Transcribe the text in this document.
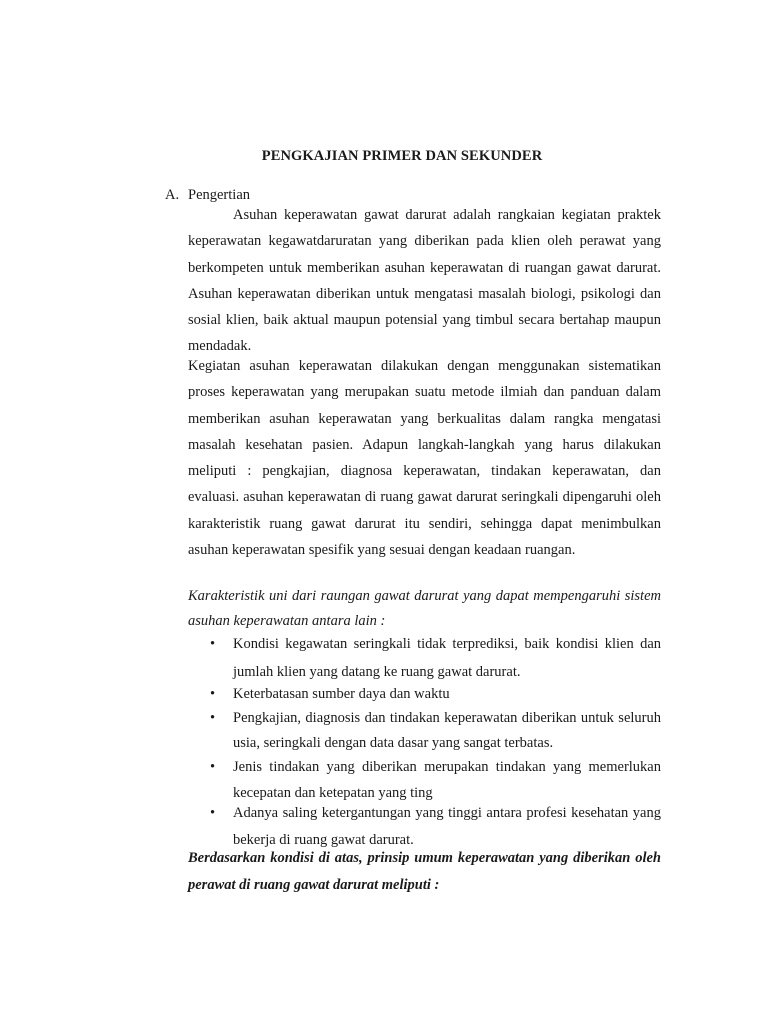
PENGKAJIAN PRIMER DAN SEKUNDER
A. Pengertian

Asuhan keperawatan gawat darurat adalah rangkaian kegiatan praktek keperawatan kegawatdaruratan yang diberikan pada klien oleh perawat yang berkompeten untuk memberikan asuhan keperawatan di ruangan gawat darurat. Asuhan keperawatan diberikan untuk mengatasi masalah biologi, psikologi dan sosial klien, baik aktual maupun potensial yang timbul secara bertahap maupun mendadak.

Kegiatan asuhan keperawatan dilakukan dengan menggunakan sistematikan proses keperawatan yang merupakan suatu metode ilmiah dan panduan dalam memberikan asuhan keperawatan yang berkualitas dalam rangka mengatasi masalah kesehatan pasien. Adapun langkah-langkah yang harus dilakukan meliputi : pengkajian, diagnosa keperawatan, tindakan keperawatan, dan evaluasi. asuhan keperawatan di ruang gawat darurat seringkali dipengaruhi oleh karakteristik ruang gawat darurat itu sendiri, sehingga dapat menimbulkan asuhan keperawatan spesifik yang sesuai dengan keadaan ruangan.

Karakteristik uni dari raungan gawat darurat yang dapat mempengaruhi sistem asuhan keperawatan antara lain :

• Kondisi kegawatan seringkali tidak terprediksi, baik kondisi klien dan jumlah klien yang datang ke ruang gawat darurat.
• Keterbatasan sumber daya dan waktu
• Pengkajian, diagnosis dan tindakan keperawatan diberikan untuk seluruh usia, seringkali dengan data dasar yang sangat terbatas.
• Jenis tindakan yang diberikan merupakan tindakan yang memerlukan kecepatan dan ketepatan yang ting
• Adanya saling ketergantungan yang tinggi antara profesi kesehatan yang bekerja di ruang gawat darurat.

Berdasarkan kondisi di atas, prinsip umum keperawatan yang diberikan oleh perawat di ruang gawat darurat meliputi :
